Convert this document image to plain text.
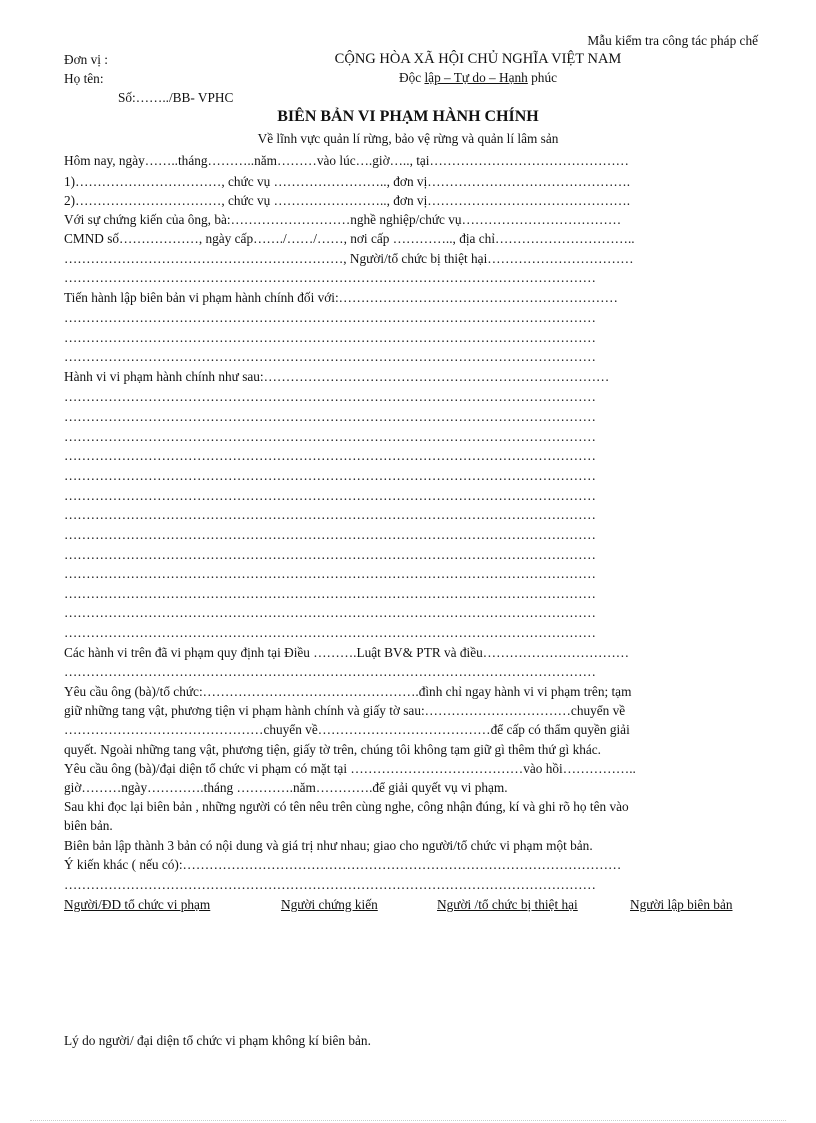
Mẫu kiểm tra công tác pháp chế
Đơn vị :
Họ tên:
CỘNG HÒA XÃ HỘI CHỦ NGHĨA VIỆT NAM
Độc lập – Tự do – Hạnh phúc
Số:……../BB- VPHC
BIÊN BẢN VI PHẠM HÀNH CHÍNH
Về lĩnh vực quản lí rừng, bảo vệ rừng và quản lí lâm sản
Hôm nay, ngày……..tháng………..năm………vào lúc….giờ….., tại………………………………………
1)……………………………, chức vụ …………………….., đơn vị……………………………………….
2)……………………………, chức vụ …………………….., đơn vị……………………………………….
Với sự chứng kiến của ông, bà:………………………nghề nghiệp/chức vụ………………………………
CMND số………………, ngày cấp……./……/……, nơi cấp ………….., địa chỉ…………………………..
………………………………………………………, Người/tổ chức bị thiệt hại……………………………
…………………………………………………………………………………………………………
Tiến hành lập biên bản vi phạm hành chính đối với:………………………………………………………
…………………………………………………………………………………………………………
…………………………………………………………………………………………………………
…………………………………………………………………………………………………………
Hành vi vi phạm hành chính như sau:……………………………………………………………………
…………………………………………………………………………………………………………
…………………………………………………………………………………………………………
…………………………………………………………………………………………………………
…………………………………………………………………………………………………………
…………………………………………………………………………………………………………
…………………………………………………………………………………………………………
…………………………………………………………………………………………………………
…………………………………………………………………………………………………………
…………………………………………………………………………………………………………
…………………………………………………………………………………………………………
…………………………………………………………………………………………………………
…………………………………………………………………………………………………………
…………………………………………………………………………………………………………
Các hành vi trên đã vi phạm quy định tại Điều ……….Luật BV& PTR và điều……………………………
…………………………………………………………………………………………………………
Yêu cầu ông (bà)/tổ chức:………………………………………….đình chỉ ngay hành vi vi phạm trên; tạm
giữ những tang vật, phương tiện vi phạm hành chính và giấy tờ sau:……………………………chuyển về
………………………………………chuyển về…………………………………để cấp có thẩm quyền giải
quyết. Ngoài những tang vật, phương tiện, giấy tờ trên, chúng tôi không tạm giữ gì thêm thứ gì khác.
Yêu cầu ông (bà)/đại diện tổ chức vi phạm có mặt tại …………………………………vào hồi……………..
giờ………ngày………….tháng ………….năm………….để giải quyết vụ vi phạm.
Sau khi đọc lại biên bản , những người có tên nêu trên cùng nghe, công nhận đúng, kí và ghi rõ họ tên vào
biên bản.
Biên bản lập thành 3 bản có nội dung và giá trị như nhau; giao cho người/tổ chức vi phạm một bản.
Ý kiến khác ( nếu có):………………………………………………………………………………………
…………………………………………………………………………………………………………
Người/ĐD tổ chức vi phạm	Người chứng kiến	Người /tổ chức bị thiệt hại	Người lập biên bản
Lý do người/ đại diện tổ chức vi phạm không kí biên bản.
